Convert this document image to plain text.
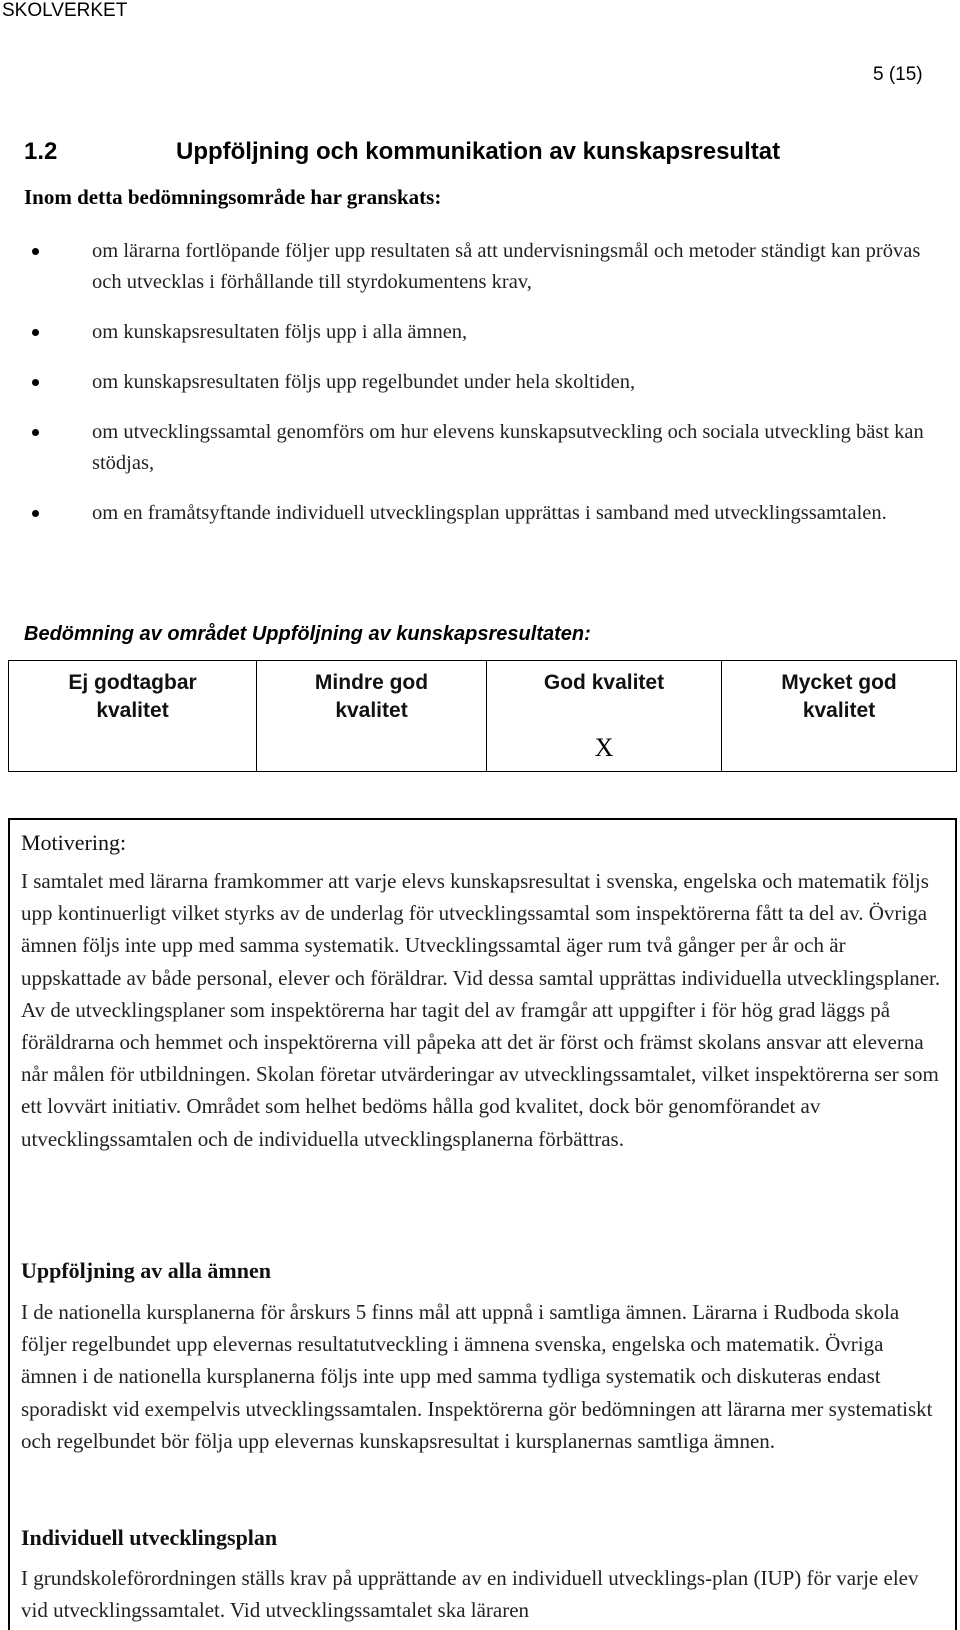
SKOLVERKET
5 (15)
1.2	Uppföljning och kommunikation av kunskapsresultat
Inom detta bedömningsområde har granskats:
om lärarna fortlöpande följer upp resultaten så att undervisningsmål och metoder ständigt kan prövas och utvecklas i förhållande till styrdokumentens krav,
om kunskapsresultaten följs upp i alla ämnen,
om kunskapsresultaten följs upp regelbundet under hela skoltiden,
om utvecklingssamtal genomförs om hur elevens kunskapsutveckling och sociala utveckling bäst kan stödjas,
om en framåtsyftande individuell utvecklingsplan upprättas i samband med utvecklingssamtalen.
Bedömning av området Uppföljning av kunskapsresultaten:
Ej godtagbar kvalitet
Mindre god kvalitet
God kvalitet
X
Mycket god kvalitet
Motivering:
I samtalet med lärarna framkommer att varje elevs kunskapsresultat i svenska, engelska och matematik följs upp kontinuerligt vilket styrks av de underlag för utvecklingssamtal som inspektörerna fått ta del av. Övriga ämnen följs inte upp med samma systematik. Utvecklingssamtal äger rum två gånger per år och är uppskattade av både personal, elever och föräldrar. Vid dessa samtal upprättas individuella utvecklingsplaner. Av de utvecklingsplaner som inspektörerna har tagit del av framgår att uppgifter i för hög grad läggs på föräldrarna och hemmet och inspektörerna vill påpeka att det är först och främst skolans ansvar att eleverna når målen för utbildningen. Skolan företar utvärderingar av utvecklingssamtalet, vilket inspektörerna ser som ett lovvärt initiativ. Området som helhet bedöms hålla god kvalitet, dock bör genomförandet av utvecklingssamtalen och de individuella utvecklingsplanerna förbättras.
Uppföljning av alla ämnen
I de nationella kursplanerna för årskurs 5 finns mål att uppnå i samtliga ämnen. Lärarna i Rudboda skola följer regelbundet upp elevernas resultatutveckling i ämnena svenska, engelska och matematik. Övriga ämnen i de nationella kursplanerna följs inte upp med samma tydliga systematik och diskuteras endast sporadiskt vid exempelvis utvecklingssamtalen. Inspektörerna gör bedömningen att lärarna mer systematiskt och regelbundet bör följa upp elevernas kunskapsresultat i kursplanernas samtliga ämnen.
Individuell utvecklingsplan
I grundskoleförordningen ställs krav på upprättande av en individuell utvecklings-plan (IUP) för varje elev vid utvecklingssamtalet. Vid utvecklingssamtalet ska läraren
